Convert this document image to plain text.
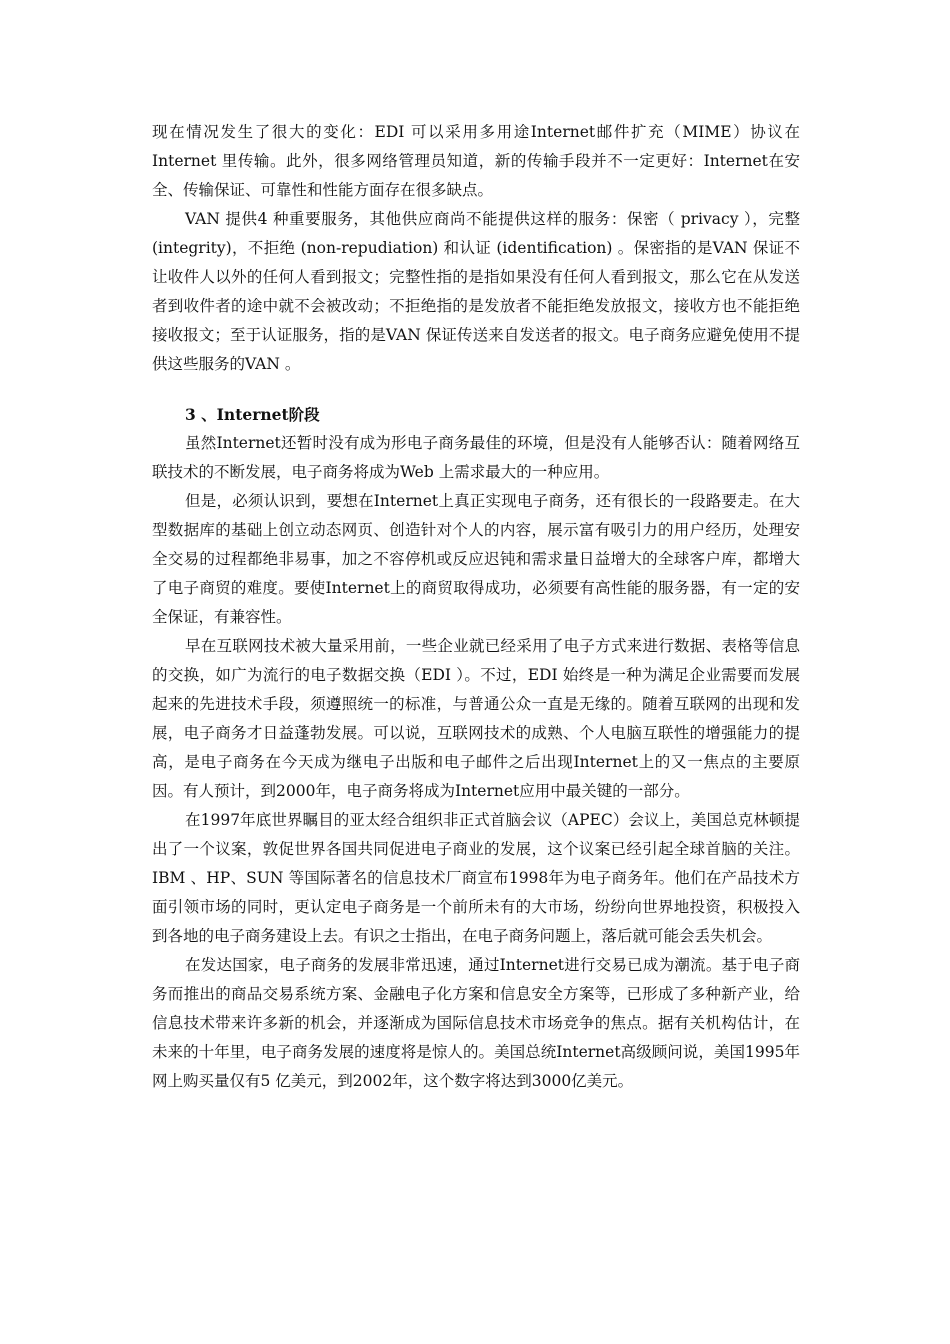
现在情况发生了很大的变化：EDI 可以采用多用途Internet邮件扩充（MIME）协议在Internet 里传输。此外，很多网络管理员知道，新的传输手段并不一定更好：Internet在安全、传输保证、可靠性和性能方面存在很多缺点。

VAN 提供4 种重要服务，其他供应商尚不能提供这样的服务：保密（ privacy ），完整 (integrity)，不拒绝 (non-repudiation) 和认证 (identification) 。保密指的是VAN 保证不让收件人以外的任何人看到报文；完整性指的是指如果没有任何人看到报文，那么它在从发送者到收件者的途中就不会被改动；不拒绝指的是发放者不能拒绝发放报文，接收方也不能拒绝接收报文；至于认证服务，指的是VAN 保证传送来自发送者的报文。电子商务应避免使用不提供这些服务的VAN 。

3 、Internet阶段

虽然Internet还暂时没有成为形电子商务最佳的环境，但是没有人能够否认：随着网络互联技术的不断发展，电子商务将成为Web 上需求最大的一种应用。

但是，必须认识到，要想在Internet上真正实现电子商务，还有很长的一段路要走。在大型数据库的基础上创立动态网页、创造针对个人的内容，展示富有吸引力的用户经历，处理安全交易的过程都绝非易事，加之不容停机或反应迟钝和需求量日益增大的全球客户库，都增大了电子商贸的难度。要使Internet上的商贸取得成功，必须要有高性能的服务器，有一定的安全保证，有兼容性。

早在互联网技术被大量采用前，一些企业就已经采用了电子方式来进行数据、表格等信息的交换，如广为流行的电子数据交换（EDI ）。不过，EDI 始终是一种为满足企业需要而发展起来的先进技术手段，须遵照统一的标准，与普通公众一直是无缘的。随着互联网的出现和发展，电子商务才日益蓬勃发展。可以说，互联网技术的成熟、个人电脑互联性的增强能力的提高，是电子商务在今天成为继电子出版和电子邮件之后出现Internet上的又一焦点的主要原因。有人预计，到2000年，电子商务将成为Internet应用中最关键的一部分。

在1997年底世界瞩目的亚太经合组织非正式首脑会议（APEC）会议上，美国总克林顿提出了一个议案，敦促世界各国共同促进电子商业的发展，这个议案已经引起全球首脑的关注。IBM 、HP、SUN 等国际著名的信息技术厂商宣布1998年为电子商务年。他们在产品技术方面引领市场的同时，更认定电子商务是一个前所未有的大市场，纷纷向世界地投资，积极投入到各地的电子商务建设上去。有识之士指出，在电子商务问题上，落后就可能会丢失机会。

在发达国家，电子商务的发展非常迅速，通过Internet进行交易已成为潮流。基于电子商务而推出的商品交易系统方案、金融电子化方案和信息安全方案等，已形成了多种新产业，给信息技术带来许多新的机会，并逐渐成为国际信息技术市场竞争的焦点。据有关机构估计，在未来的十年里，电子商务发展的速度将是惊人的。美国总统Internet高级顾问说，美国1995年网上购买量仅有5 亿美元，到2002年，这个数字将达到3000亿美元。
